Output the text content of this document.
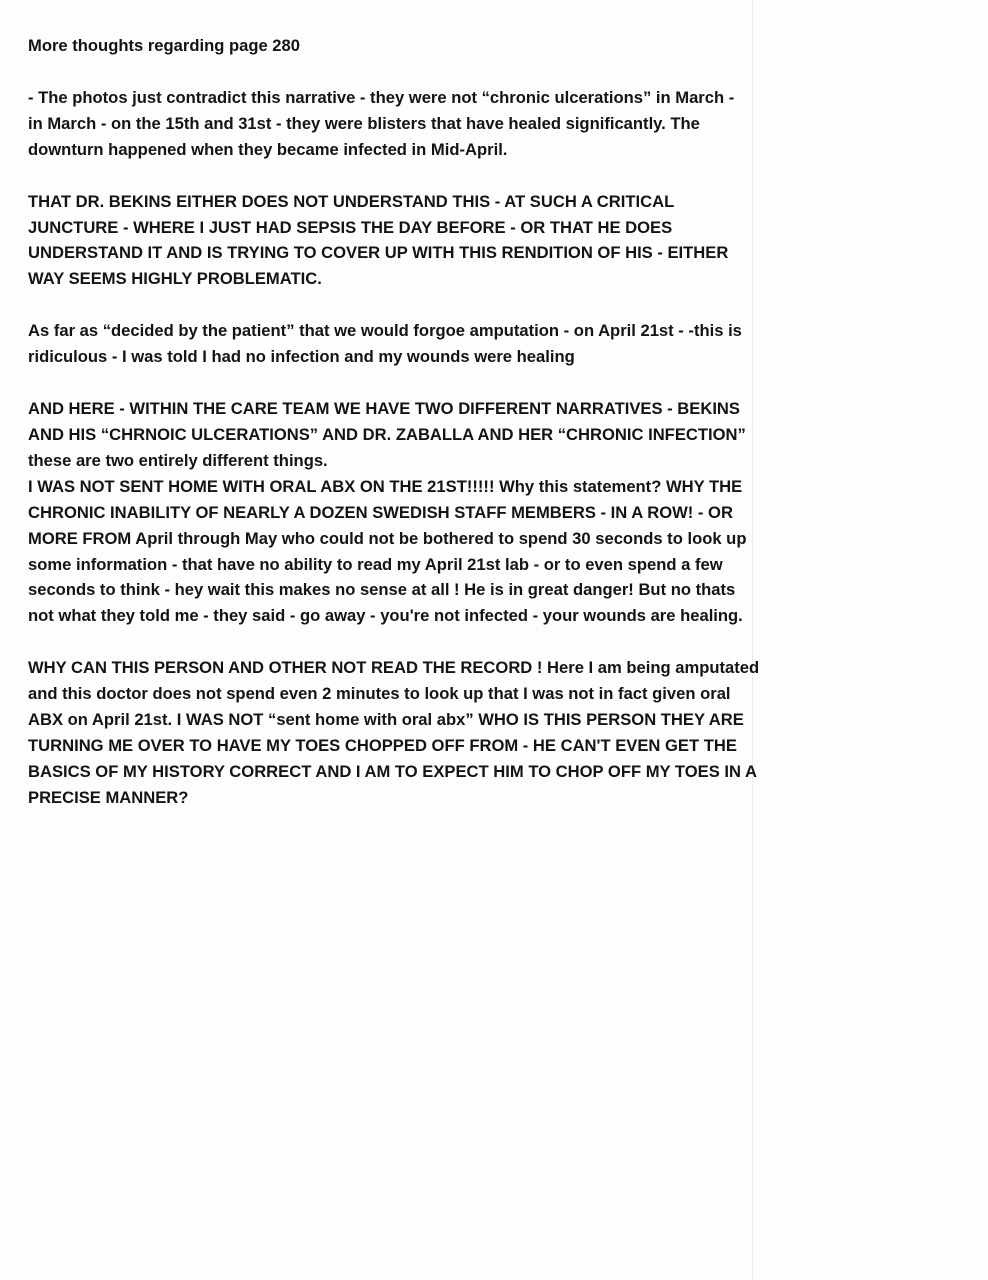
More thoughts regarding page 280
- The photos just contradict this narrative - they were not “chronic ulcerations” in March -
in March - on the 15th and 31st - they were blisters that have healed significantly. The
downturn happened when they became infected in Mid-April.
THAT DR. BEKINS EITHER DOES NOT UNDERSTAND THIS - AT SUCH A CRITICAL
JUNCTURE - WHERE I JUST HAD SEPSIS THE DAY BEFORE - OR THAT HE DOES
UNDERSTAND IT AND IS TRYING TO COVER UP WITH THIS RENDITION OF HIS - EITHER
WAY SEEMS HIGHLY PROBLEMATIC.
As far as “decided by the patient” that we would forgoe amputation - on April 21st - -this is
ridiculous - I was told I had no infection and my wounds were healing
AND HERE - WITHIN THE CARE TEAM WE HAVE TWO DIFFERENT NARRATIVES - BEKINS
AND HIS “CHRNOIC ULCERATIONS” AND DR. ZABALLA AND HER “CHRONIC INFECTION”
these are two entirely different things.
I WAS NOT SENT HOME WITH ORAL ABX ON THE 21ST!!!!! Why this statement? WHY THE
CHRONIC INABILITY OF NEARLY A DOZEN SWEDISH STAFF MEMBERS - IN A ROW! - OR
MORE FROM April through May who could not be bothered to spend 30 seconds to look up
some information - that have no ability to read my April 21st lab - or to even spend a few
seconds to think - hey wait this makes no sense at all ! He is in great danger! But no thats
not what they told me - they said - go away - you're not infected - your wounds are healing.
WHY CAN THIS PERSON AND OTHER NOT READ THE RECORD ! Here I am being amputated
and this doctor does not spend even 2 minutes to look up that I was not in fact given oral
ABX on April 21st. I WAS NOT “sent home with oral abx” WHO IS THIS PERSON THEY ARE
TURNING ME OVER TO HAVE MY TOES CHOPPED OFF FROM - HE CAN'T EVEN GET THE
BASICS OF MY HISTORY CORRECT AND I AM TO EXPECT HIM TO CHOP OFF MY TOES IN A
PRECISE MANNER?
